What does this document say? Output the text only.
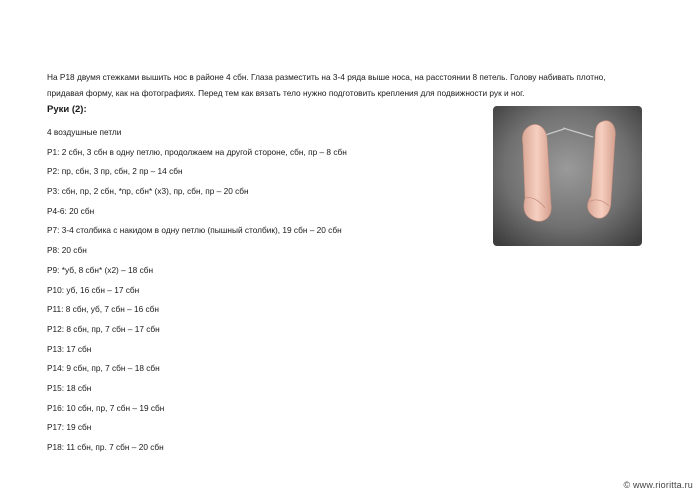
На Р18 двумя стежками вышить нос в районе 4 сбн. Глаза разместить на 3-4 ряда выше носа, на расстоянии 8 петель. Голову набивать плотно, придавая форму, как на фотографиях. Перед тем как вязать тело нужно подготовить крепления для подвижности рук и ног.

Руки (2):

4 воздушные петли
Р1: 2 сбн, 3 сбн в одну петлю, продолжаем на другой стороне, сбн, пр – 8 сбн
Р2: пр, сбн, 3 пр, сбн, 2 пр – 14 сбн
Р3: сбн, пр, 2 сбн, *пр, сбн* (х3), пр, сбн, пр – 20 сбн
Р4-6: 20 сбн
Р7: 3-4 столбика с накидом в одну петлю (пышный столбик), 19 сбн – 20 сбн
Р8: 20 сбн
Р9: *уб, 8 сбн* (х2) – 18 сбн
Р10: уб, 16 сбн – 17 сбн
Р11: 8 сбн, уб, 7 сбн – 16 сбн
Р12: 8 сбн, пр, 7 сбн – 17 сбн
Р13: 17 сбн
Р14: 9 сбн, пр, 7 сбн – 18 сбн
Р15: 18 сбн
Р16: 10 сбн, пр, 7 сбн – 19 сбн
Р17: 19 сбн
Р18: 11 сбн, пр. 7 сбн – 20 сбн
© www.rioritta.ru
